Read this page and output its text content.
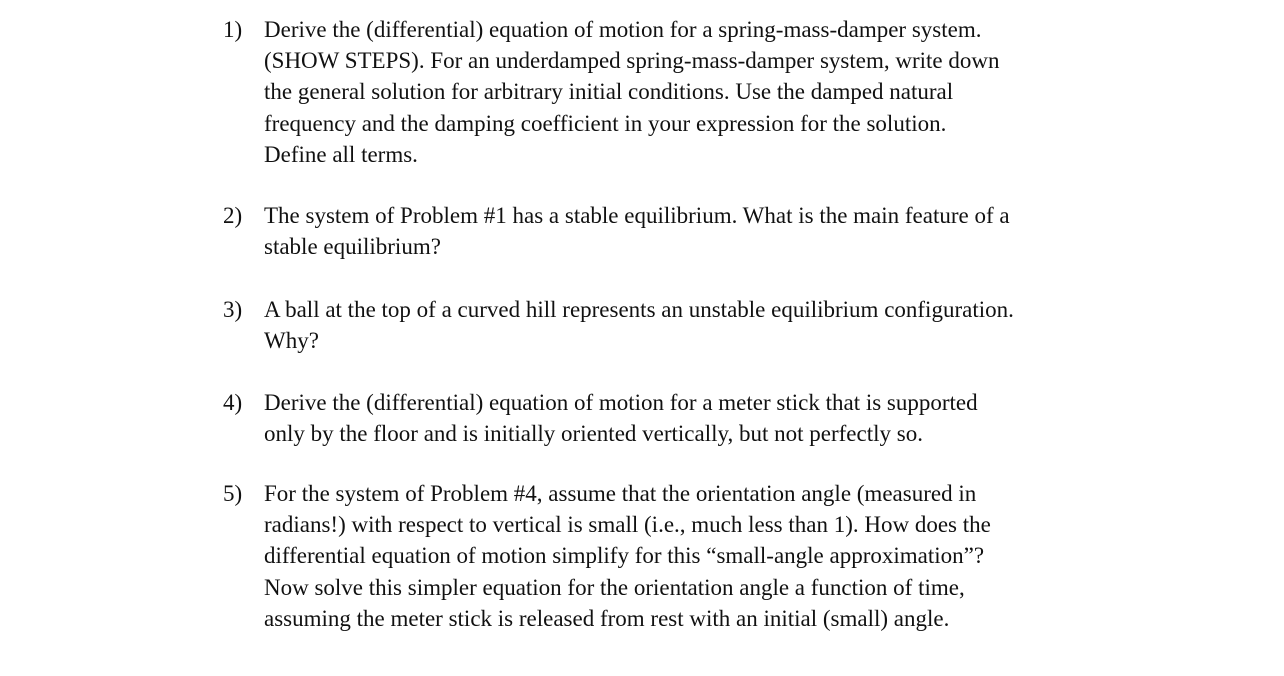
1) Derive the (differential) equation of motion for a spring-mass-damper system.
(SHOW STEPS). For an underdamped spring-mass-damper system, write down
the general solution for arbitrary initial conditions. Use the damped natural
frequency and the damping coefficient in your expression for the solution.
Define all terms.
2) The system of Problem #1 has a stable equilibrium. What is the main feature of a
stable equilibrium?
3) A ball at the top of a curved hill represents an unstable equilibrium configuration.
Why?
4) Derive the (differential) equation of motion for a meter stick that is supported
only by the floor and is initially oriented vertically, but not perfectly so.
5) For the system of Problem #4, assume that the orientation angle (measured in
radians!) with respect to vertical is small (i.e., much less than 1). How does the
differential equation of motion simplify for this “small-angle approximation”?
Now solve this simpler equation for the orientation angle a function of time,
assuming the meter stick is released from rest with an initial (small) angle.
